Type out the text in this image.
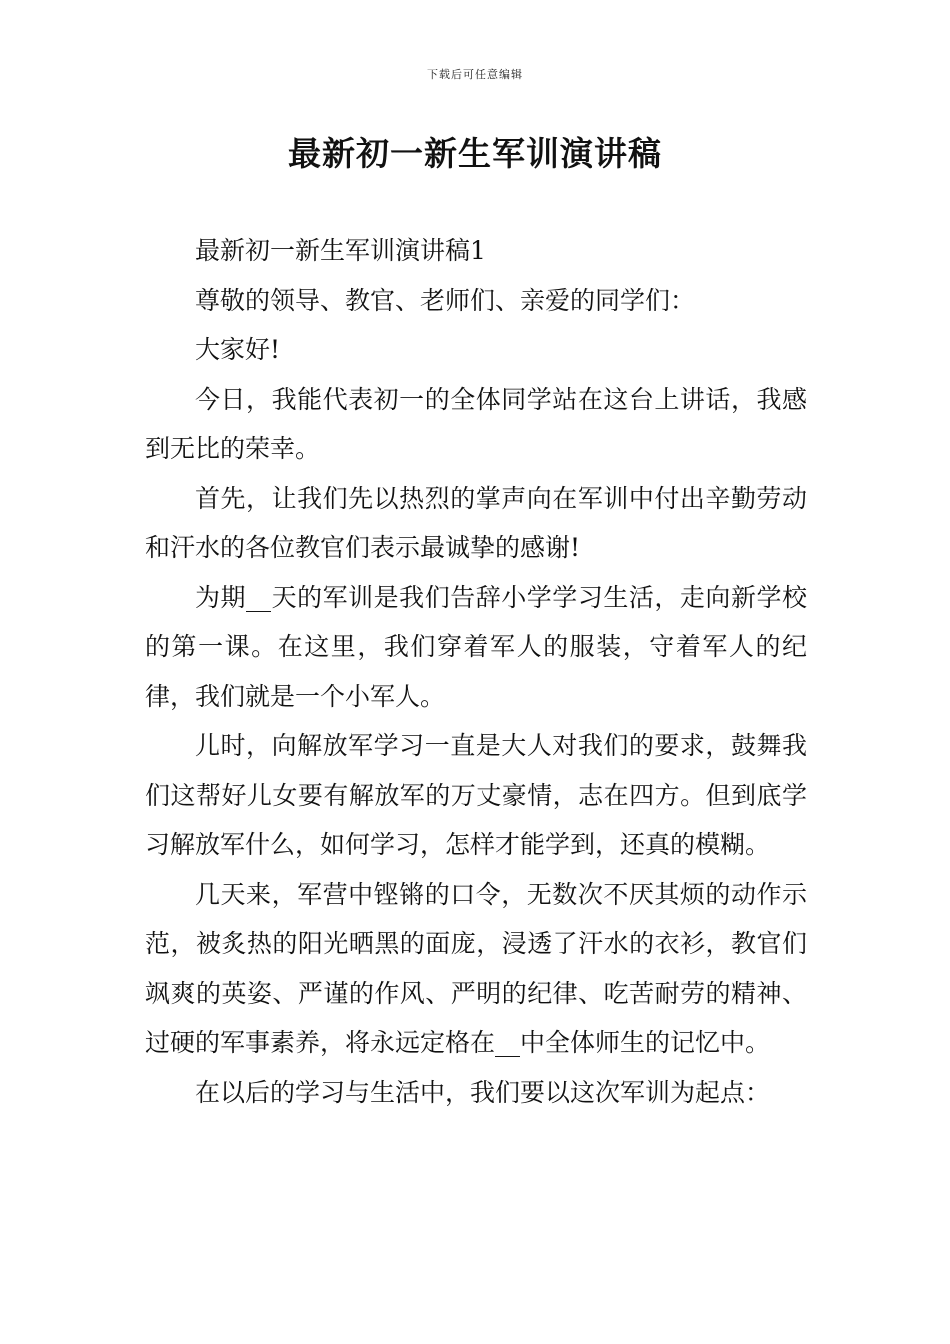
下载后可任意编辑
最新初一新生军训演讲稿

最新初一新生军训演讲稿1

尊敬的领导、教官、老师们、亲爱的同学们：

大家好!

今日，我能代表初一的全体同学站在这台上讲话，我感到无比的荣幸。

首先，让我们先以热烈的掌声向在军训中付出辛勤劳动和汗水的各位教官们表示最诚挚的感谢!

为期__天的军训是我们告辞小学学习生活，走向新学校的第一课。在这里，我们穿着军人的服装，守着军人的纪律，我们就是一个小军人。

儿时，向解放军学习一直是大人对我们的要求，鼓舞我们这帮好儿女要有解放军的万丈豪情，志在四方。但到底学习解放军什么，如何学习，怎样才能学到，还真的模糊。

几天来，军营中铿锵的口令，无数次不厌其烦的动作示范，被炙热的阳光晒黑的面庞，浸透了汗水的衣衫，教官们飒爽的英姿、严谨的作风、严明的纪律、吃苦耐劳的精神、过硬的军事素养，将永远定格在__中全体师生的记忆中。

在以后的学习与生活中，我们要以这次军训为起点：
